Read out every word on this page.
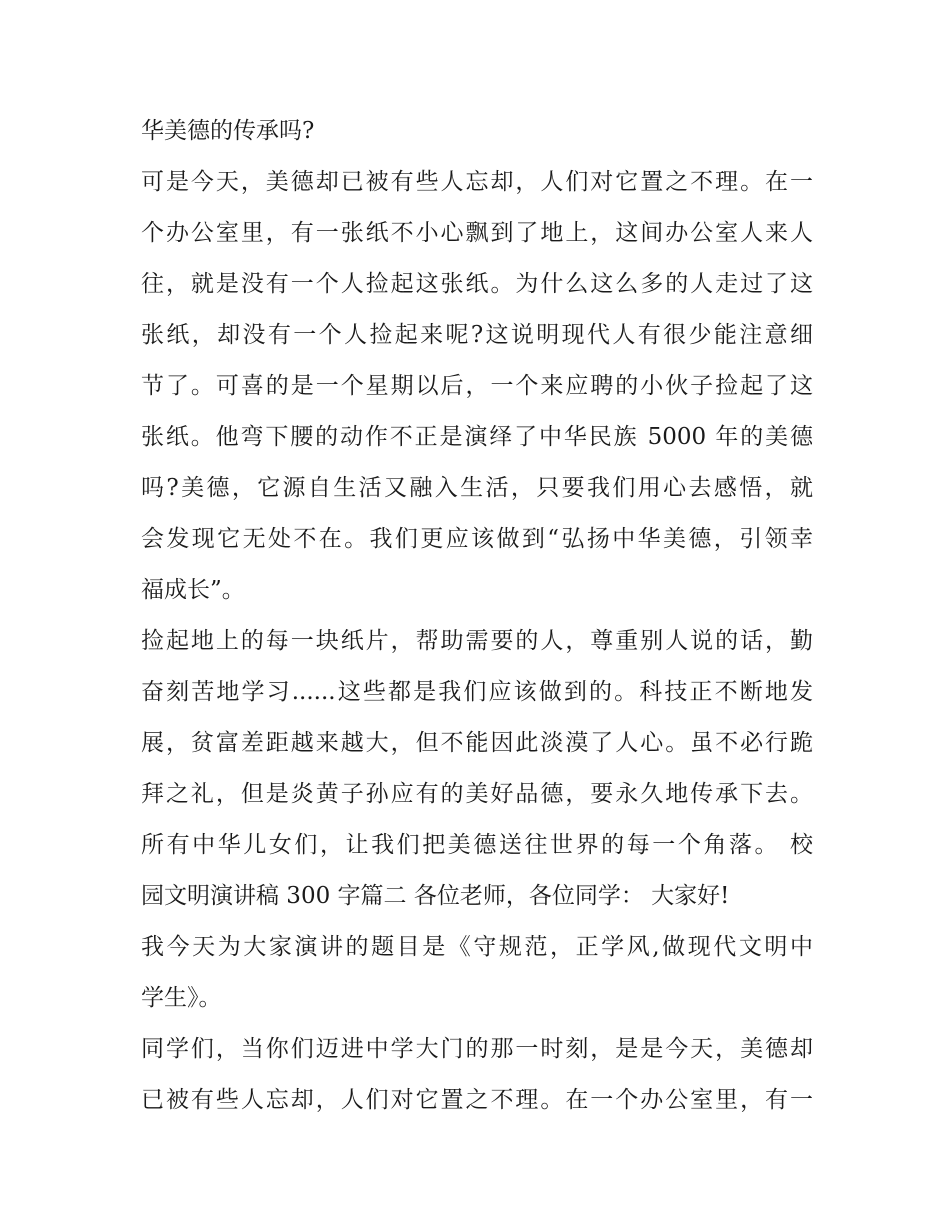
华美德的传承吗?
可是今天，美德却已被有些人忘却，人们对它置之不理。在一
个办公室里，有一张纸不小心飘到了地上，这间办公室人来人
往，就是没有一个人捡起这张纸。为什么这么多的人走过了这
张纸，却没有一个人捡起来呢?这说明现代人有很少能注意细
节了。可喜的是一个星期以后，一个来应聘的小伙子捡起了这
张纸。他弯下腰的动作不正是演绎了中华民族 5000 年的美德
吗?美德，它源自生活又融入生活，只要我们用心去感悟，就
会发现它无处不在。我们更应该做到“弘扬中华美德，引领幸
福成长”。
捡起地上的每一块纸片，帮助需要的人，尊重别人说的话，勤
奋刻苦地学习......这些都是我们应该做到的。科技正不断地发
展，贫富差距越来越大，但不能因此淡漠了人心。虽不必行跪
拜之礼，但是炎黄子孙应有的美好品德，要永久地传承下去。
所有中华儿女们，让我们把美德送往世界的每一个角落。 校
园文明演讲稿 300 字篇二 各位老师，各位同学： 大家好!
我今天为大家演讲的题目是《守规范，正学风,做现代文明中
学生》。
同学们，当你们迈进中学大门的那一时刻，是是今天，美德却
已被有些人忘却，人们对它置之不理。在一个办公室里，有一
